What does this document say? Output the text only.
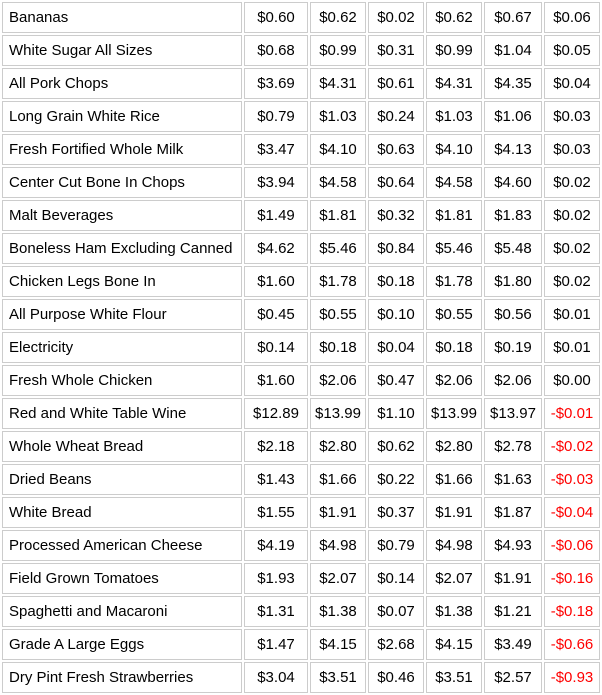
Bananas	$0.60	$0.62	$0.02	$0.62	$0.67	$0.06
White Sugar All Sizes	$0.68	$0.99	$0.31	$0.99	$1.04	$0.05
All Pork Chops	$3.69	$4.31	$0.61	$4.31	$4.35	$0.04
Long Grain White Rice	$0.79	$1.03	$0.24	$1.03	$1.06	$0.03
Fresh Fortified Whole Milk	$3.47	$4.10	$0.63	$4.10	$4.13	$0.03
Center Cut Bone In Chops	$3.94	$4.58	$0.64	$4.58	$4.60	$0.02
Malt Beverages	$1.49	$1.81	$0.32	$1.81	$1.83	$0.02
Boneless Ham Excluding Canned	$4.62	$5.46	$0.84	$5.46	$5.48	$0.02
Chicken Legs Bone In	$1.60	$1.78	$0.18	$1.78	$1.80	$0.02
All Purpose White Flour	$0.45	$0.55	$0.10	$0.55	$0.56	$0.01
Electricity	$0.14	$0.18	$0.04	$0.18	$0.19	$0.01
Fresh Whole Chicken	$1.60	$2.06	$0.47	$2.06	$2.06	$0.00
Red and White Table Wine	$12.89	$13.99	$1.10	$13.99	$13.97	-$0.01
Whole Wheat Bread	$2.18	$2.80	$0.62	$2.80	$2.78	-$0.02
Dried Beans	$1.43	$1.66	$0.22	$1.66	$1.63	-$0.03
White Bread	$1.55	$1.91	$0.37	$1.91	$1.87	-$0.04
Processed American Cheese	$4.19	$4.98	$0.79	$4.98	$4.93	-$0.06
Field Grown Tomatoes	$1.93	$2.07	$0.14	$2.07	$1.91	-$0.16
Spaghetti and Macaroni	$1.31	$1.38	$0.07	$1.38	$1.21	-$0.18
Grade A Large Eggs	$1.47	$4.15	$2.68	$4.15	$3.49	-$0.66
Dry Pint Fresh Strawberries	$3.04	$3.51	$0.46	$3.51	$2.57	-$0.93
